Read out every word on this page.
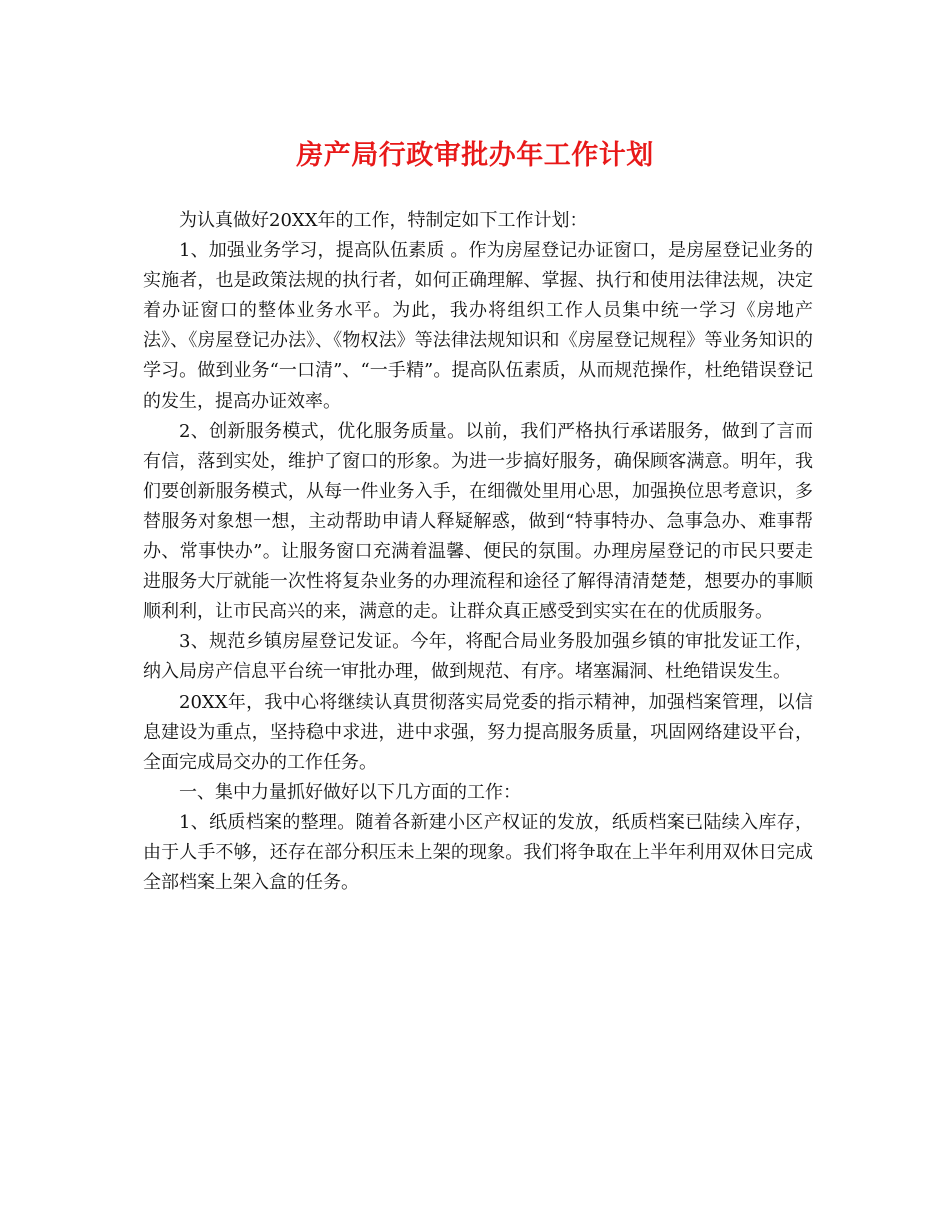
房产局行政审批办年工作计划

为认真做好20XX年的工作，特制定如下工作计划：

1、加强业务学习，提高队伍素质 。作为房屋登记办证窗口，是房屋登记业务的实施者，也是政策法规的执行者，如何正确理解、掌握、执行和使用法律法规，决定着办证窗口的整体业务水平。为此，我办将组织工作人员集中统一学习《房地产法》、《房屋登记办法》、《物权法》等法律法规知识和《房屋登记规程》等业务知识的学习。做到业务“一口清”、“一手精”。提高队伍素质，从而规范操作，杜绝错误登记的发生，提高办证效率。

2、创新服务模式，优化服务质量。以前，我们严格执行承诺服务，做到了言而有信，落到实处，维护了窗口的形象。为进一步搞好服务，确保顾客满意。明年，我们要创新服务模式，从每一件业务入手，在细微处里用心思，加强换位思考意识，多替服务对象想一想，主动帮助申请人释疑解惑，做到“特事特办、急事急办、难事帮办、常事快办”。让服务窗口充满着温馨、便民的氛围。办理房屋登记的市民只要走进服务大厅就能一次性将复杂业务的办理流程和途径了解得清清楚楚，想要办的事顺顺利利，让市民高兴的来，满意的走。让群众真正感受到实实在在的优质服务。

3、规范乡镇房屋登记发证。今年，将配合局业务股加强乡镇的审批发证工作，纳入局房产信息平台统一审批办理，做到规范、有序。堵塞漏洞、杜绝错误发生。

20XX年，我中心将继续认真贯彻落实局党委的指示精神，加强档案管理，以信息建设为重点，坚持稳中求进，进中求强，努力提高服务质量，巩固网络建设平台，全面完成局交办的工作任务。

一、集中力量抓好做好以下几方面的工作：

1、纸质档案的整理。随着各新建小区产权证的发放，纸质档案已陆续入库存，由于人手不够，还存在部分积压未上架的现象。我们将争取在上半年利用双休日完成全部档案上架入盒的任务。
